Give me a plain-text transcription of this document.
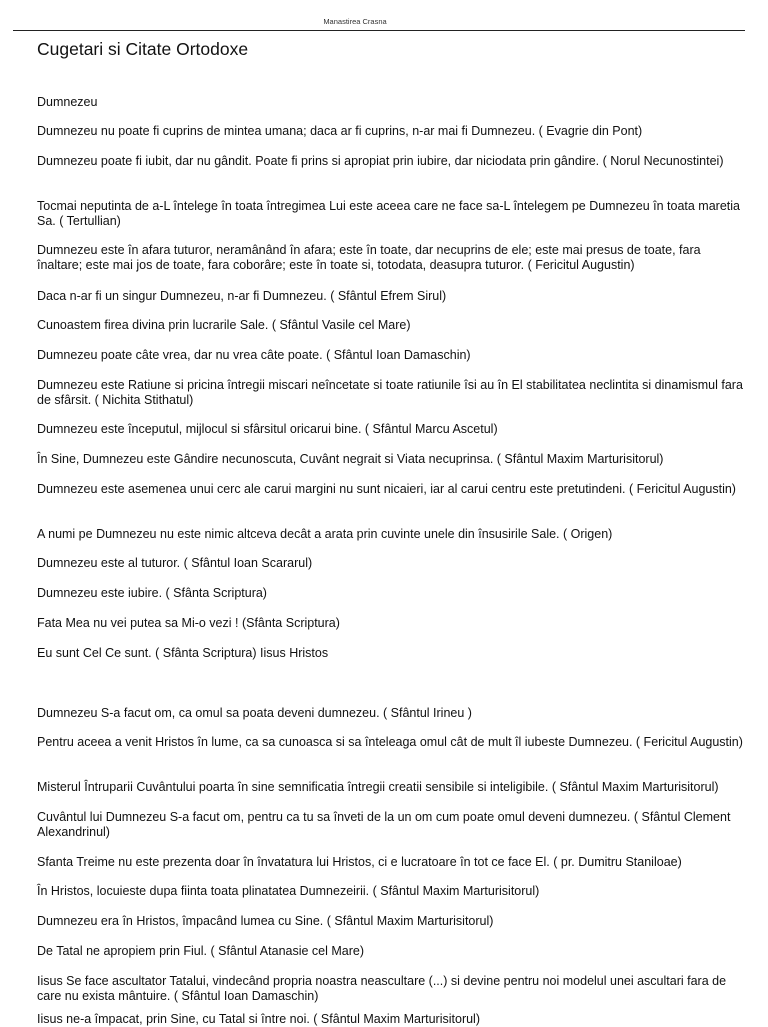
Manastirea Crasna
Cugetari si Citate Ortodoxe
Dumnezeu

Dumnezeu nu poate fi cuprins de mintea umana; daca ar fi cuprins, n-ar mai fi Dumnezeu. ( Evagrie din Pont)

Dumnezeu poate fi iubit, dar nu gândit. Poate fi prins si apropiat prin iubire, dar niciodata prin gândire. ( Norul Necunostintei)

Tocmai neputinta de a-L întelege în toata întregimea Lui este aceea care ne face sa-L întelegem pe Dumnezeu în toata maretia Sa. ( Tertullian)

Dumnezeu este în afara tuturor, neramânând în afara; este în toate, dar necuprins de ele; este mai presus de toate, fara înaltare; este mai jos de toate, fara coborâre; este în toate si, totodata, deasupra tuturor. ( Fericitul Augustin)

Daca n-ar fi un singur Dumnezeu, n-ar fi Dumnezeu. ( Sfântul Efrem Sirul)

Cunoastem firea divina prin lucrarile Sale. ( Sfântul Vasile cel Mare)

Dumnezeu poate câte vrea, dar nu vrea câte poate. ( Sfântul Ioan Damaschin)

Dumnezeu este Ratiune si pricina întregii miscari neîncetate si toate ratiunile îsi au în El stabilitatea neclintita si dinamismul fara de sfârsit. ( Nichita Stithatul)

Dumnezeu este începutul, mijlocul si sfârsitul oricarui bine. ( Sfântul Marcu Ascetul)

În Sine, Dumnezeu este Gândire necunoscuta, Cuvânt negrait si Viata necuprinsa. ( Sfântul Maxim Marturisitorul)

Dumnezeu este asemenea unui cerc ale carui margini nu sunt nicaieri, iar al carui centru este pretutindeni. ( Fericitul Augustin)

A numi pe Dumnezeu nu este nimic altceva decât a arata prin cuvinte unele din însusirile Sale. ( Origen)

Dumnezeu este al tuturor. ( Sfântul Ioan Scararul)

Dumnezeu este iubire. ( Sfânta Scriptura)

Fata Mea nu vei putea sa Mi-o vezi ! (Sfânta Scriptura)

Eu sunt Cel Ce sunt. ( Sfânta Scriptura) Iisus Hristos

Dumnezeu S-a facut om, ca omul sa poata deveni dumnezeu. ( Sfântul Irineu )

Pentru aceea a venit Hristos în lume, ca sa cunoasca si sa înteleaga omul cât de mult îl iubeste Dumnezeu. ( Fericitul Augustin)

Misterul Întruparii Cuvântului poarta în sine semnificatia întregii creatii sensibile si inteligibile. ( Sfântul Maxim Marturisitorul)

Cuvântul lui Dumnezeu S-a facut om, pentru ca tu sa înveti de la un om cum poate omul deveni dumnezeu. ( Sfântul Clement Alexandrinul)

Sfanta Treime nu este prezenta doar în învatatura lui Hristos, ci e lucratoare în tot ce face El. ( pr. Dumitru Staniloae)

În Hristos, locuieste dupa fiinta toata plinatatea Dumnezeirii. ( Sfântul Maxim Marturisitorul)

Dumnezeu era în Hristos, împacând lumea cu Sine. ( Sfântul Maxim Marturisitorul)

De Tatal ne apropiem prin Fiul. ( Sfântul Atanasie cel Mare)

Iisus Se face ascultator Tatalui, vindecând propria noastra neascultare (...) si devine pentru noi modelul unei ascultari fara de care nu exista mântuire. ( Sfântul Ioan Damaschin)

Iisus ne-a împacat, prin Sine, cu Tatal si între noi. ( Sfântul Maxim Marturisitorul)
